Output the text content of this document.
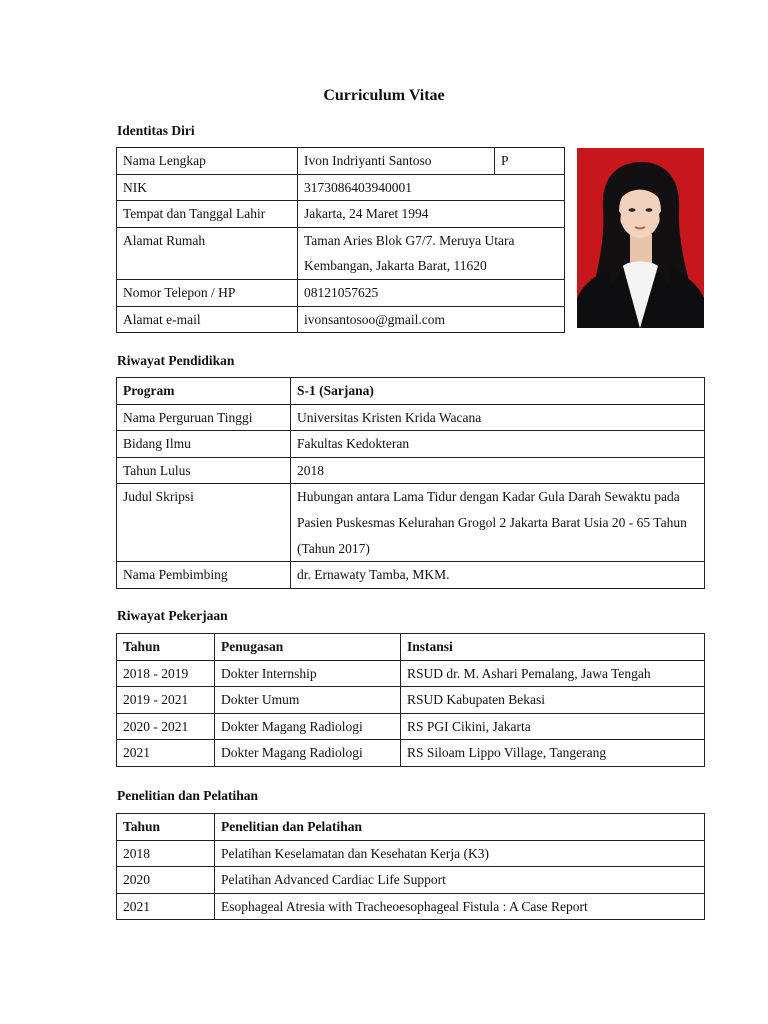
Curriculum Vitae
Identitas Diri
Nama Lengkap	Ivon Indriyanti Santoso	P
NIK	3173086403940001	
Tempat dan Tanggal Lahir	Jakarta, 24 Maret 1994	
Alamat Rumah	Taman Aries Blok G7/7. Meruya Utara Kembangan, Jakarta Barat, 11620	
Nomor Telepon / HP	08121057625	
Alamat e-mail	ivonsantosoo@gmail.com	
Riwayat Pendidikan
Program	S-1 (Sarjana)
Nama Perguruan Tinggi	Universitas Kristen Krida Wacana
Bidang Ilmu	Fakultas Kedokteran
Tahun Lulus	2018
Judul Skripsi	Hubungan antara Lama Tidur dengan Kadar Gula Darah Sewaktu pada Pasien Puskesmas Kelurahan Grogol 2 Jakarta Barat Usia 20 - 65 Tahun (Tahun 2017)
Nama Pembimbing	dr. Ernawaty Tamba, MKM.
Riwayat Pekerjaan
Tahun	Penugasan	Instansi
2018 - 2019	Dokter Internship	RSUD dr. M. Ashari Pemalang, Jawa Tengah
2019 - 2021	Dokter Umum	RSUD Kabupaten Bekasi
2020 - 2021	Dokter Magang Radiologi	RS PGI Cikini, Jakarta
2021	Dokter Magang Radiologi	RS Siloam Lippo Village, Tangerang
Penelitian dan Pelatihan
Tahun	Penelitian dan Pelatihan
2018	Pelatihan Keselamatan dan Kesehatan Kerja (K3)
2020	Pelatihan Advanced Cardiac Life Support
2021	Esophageal Atresia with Tracheoesophageal Fistula : A Case Report
